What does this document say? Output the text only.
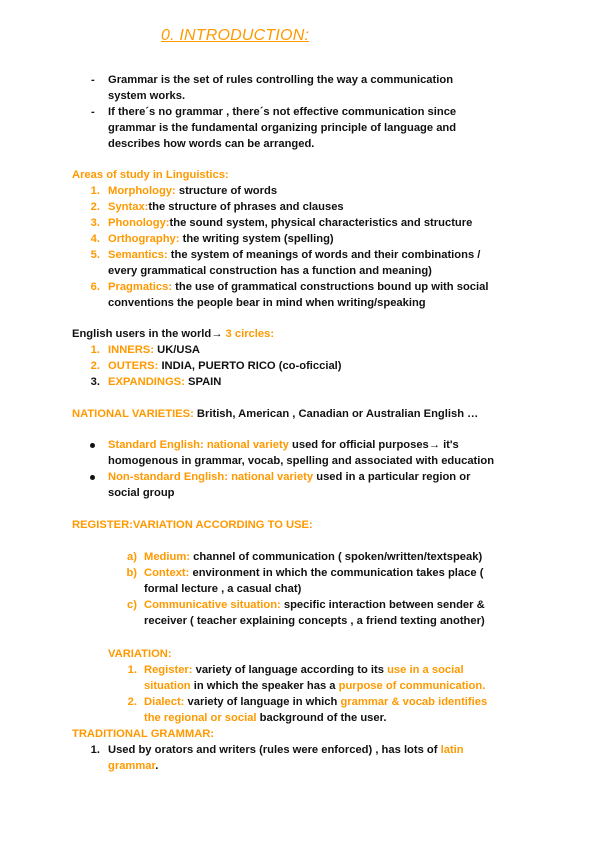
0. INTRODUCTION:
- Grammar is the set of rules controlling the way a communication
system works.
- If there´s no grammar , there´s not effective communication since
grammar is the fundamental organizing principle of language and
describes how words can be arranged.
Areas of study in Linguistics:
1. Morphology: structure of words
2. Syntax:the structure of phrases and clauses
3. Phonology:the sound system, physical characteristics and structure
4. Orthography: the writing system (spelling)
5. Semantics: the system of meanings of words and their combinations /
every grammatical construction has a function and meaning)
6. Pragmatics: the use of grammatical constructions bound up with social
conventions the people bear in mind when writing/speaking
English users in the world→ 3 circles:
1. INNERS: UK/USA
2. OUTERS: INDIA, PUERTO RICO (co-oficcial)
3. EXPANDINGS: SPAIN
NATIONAL VARIETIES: British, American , Canadian or Australian English …
Standard English: national variety used for official purposes→ it's
homogenous in grammar, vocab, spelling and associated with education
Non-standard English: national variety used in a particular region or
social group
REGISTER:VARIATION ACCORDING TO USE:
a) Medium: channel of communication ( spoken/written/textspeak)
b) Context: environment in which the communication takes place (
formal lecture , a casual chat)
c) Communicative situation: specific interaction between sender &
receiver ( teacher explaining concepts , a friend texting another)
VARIATION:
1. Register: variety of language according to its use in a social
situation in which the speaker has a purpose of communication.
2. Dialect: variety of language in which grammar & vocab identifies
the regional or social background of the user.
TRADITIONAL GRAMMAR:
1. Used by orators and writers (rules were enforced) , has lots of latin
grammar.
